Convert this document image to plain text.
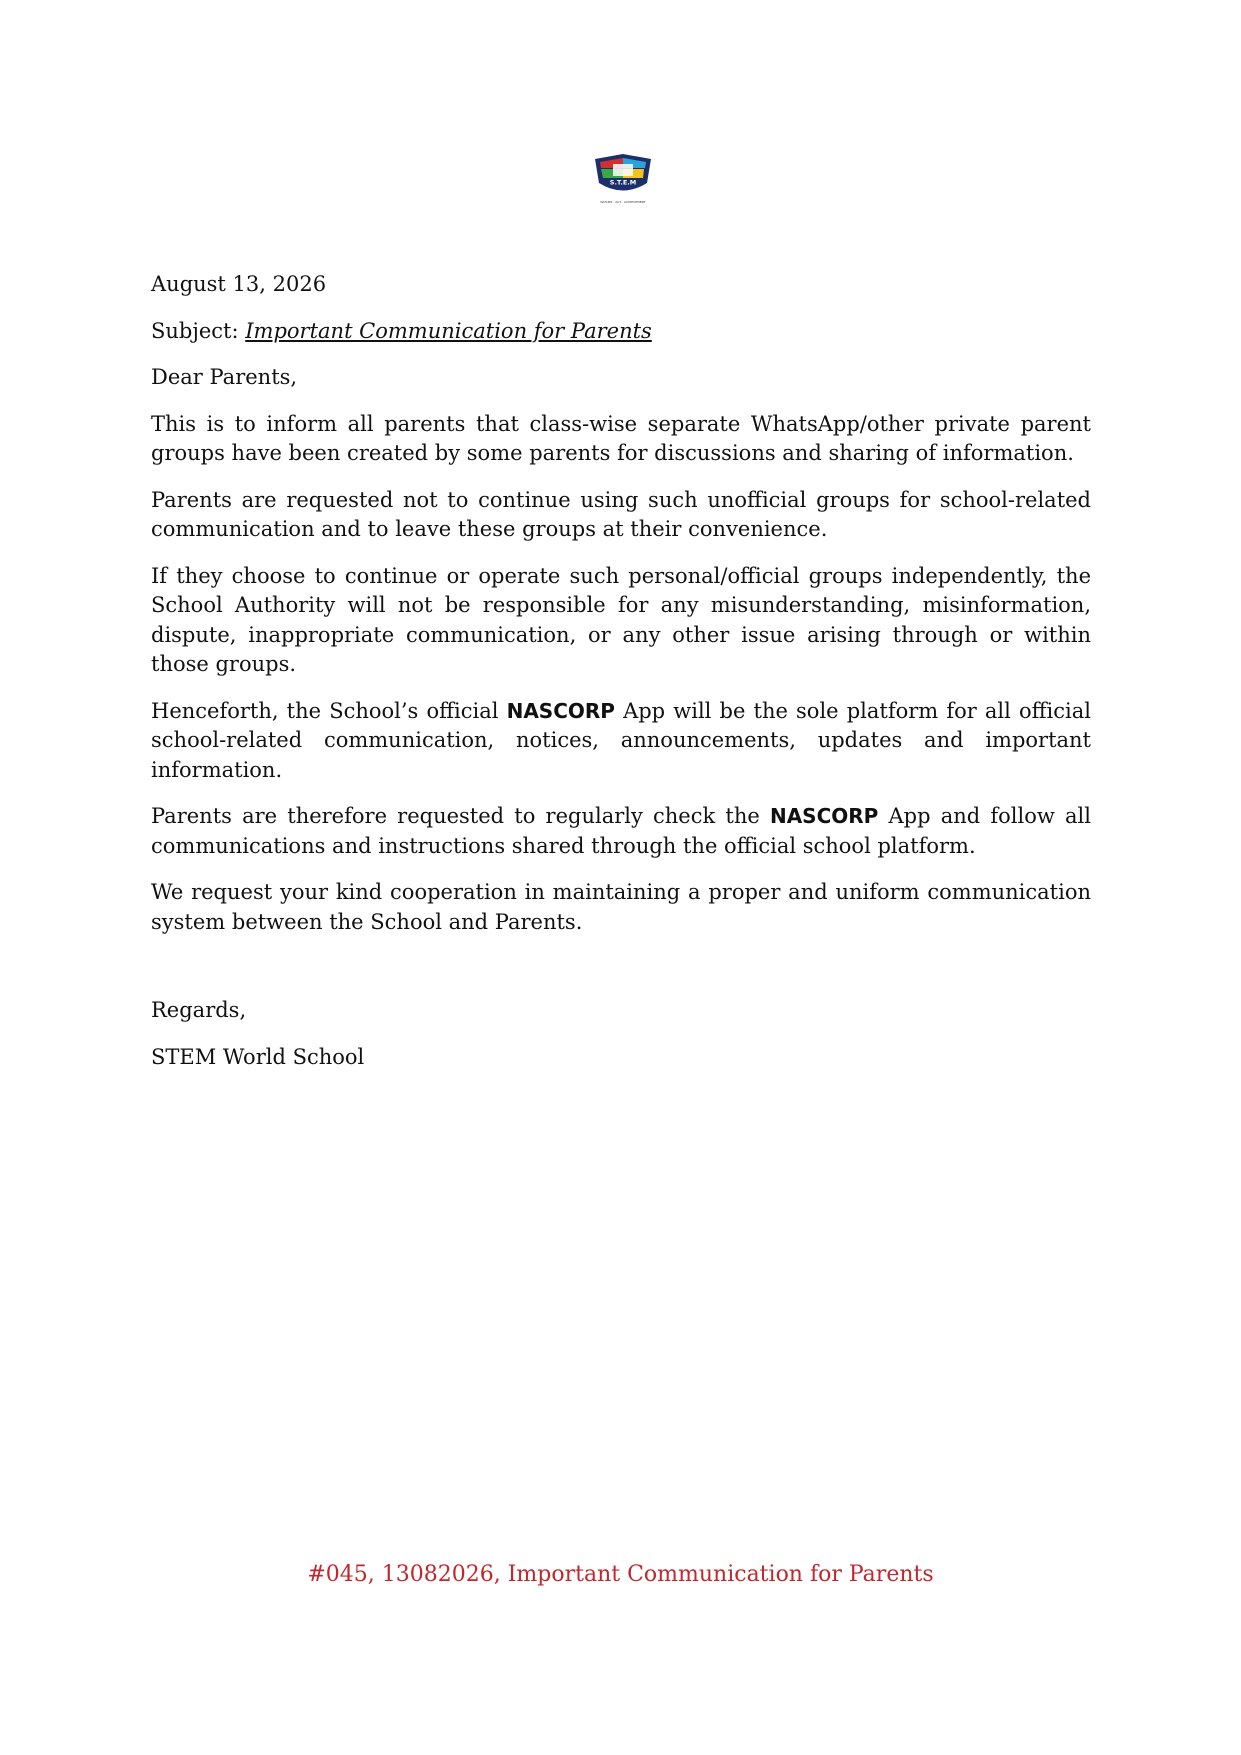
S.T.E.M
NATURE · ACT · ACHIEVEMENT

August 13, 2026

Subject: Important Communication for Parents

Dear Parents,

This is to inform all parents that class-wise separate WhatsApp/other private parent groups have been created by some parents for discussions and sharing of information.

Parents are requested not to continue using such unofficial groups for school-related communication and to leave these groups at their convenience.

If they choose to continue or operate such personal/official groups independently, the School Authority will not be responsible for any misunderstanding, misinformation, dispute, inappropriate communication, or any other issue arising through or within those groups.

Henceforth, the School’s official NASCORP App will be the sole platform for all official school-related communication, notices, announcements, updates and important information.

Parents are therefore requested to regularly check the NASCORP App and follow all communications and instructions shared through the official school platform.

We request your kind cooperation in maintaining a proper and uniform communication system between the School and Parents.

Regards,

STEM World School

#045, 13082026, Important Communication for Parents
